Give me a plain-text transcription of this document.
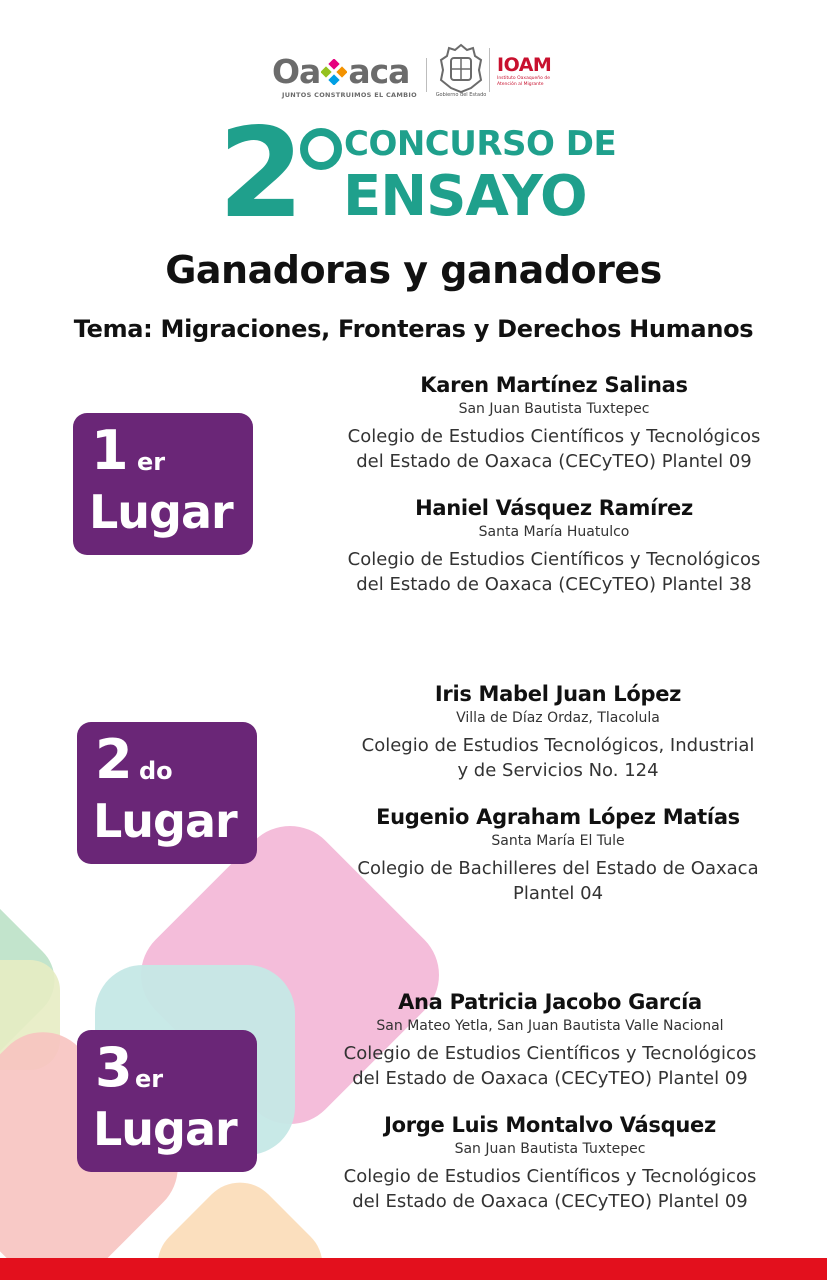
Oa aca
JUNTOS CONSTRUIMOS EL CAMBIO	Gobierno del Estado
IOAM
Instituto Oaxaqueño de Atención al Migrante
2 CONCURSO DE
ENSAYO
Ganadoras y ganadores
Tema: Migraciones, Fronteras y Derechos Humanos
1 er
Lugar
Karen Martínez Salinas
San Juan Bautista Tuxtepec
Colegio de Estudios Científicos y Tecnológicos
del Estado de Oaxaca (CECyTEO) Plantel 09
Haniel Vásquez Ramírez
Santa María Huatulco
Colegio de Estudios Científicos y Tecnológicos
del Estado de Oaxaca (CECyTEO) Plantel 38
2 do
Lugar
Iris Mabel Juan López
Villa de Díaz Ordaz, Tlacolula
Colegio de Estudios Tecnológicos, Industrial
y de Servicios No. 124
Eugenio Agraham López Matías
Santa María El Tule
Colegio de Bachilleres del Estado de Oaxaca
Plantel 04
3 er
Lugar
Ana Patricia Jacobo García
San Mateo Yetla, San Juan Bautista Valle Nacional
Colegio de Estudios Científicos y Tecnológicos
del Estado de Oaxaca (CECyTEO) Plantel 09
Jorge Luis Montalvo Vásquez
San Juan Bautista Tuxtepec
Colegio de Estudios Científicos y Tecnológicos
del Estado de Oaxaca (CECyTEO) Plantel 09
